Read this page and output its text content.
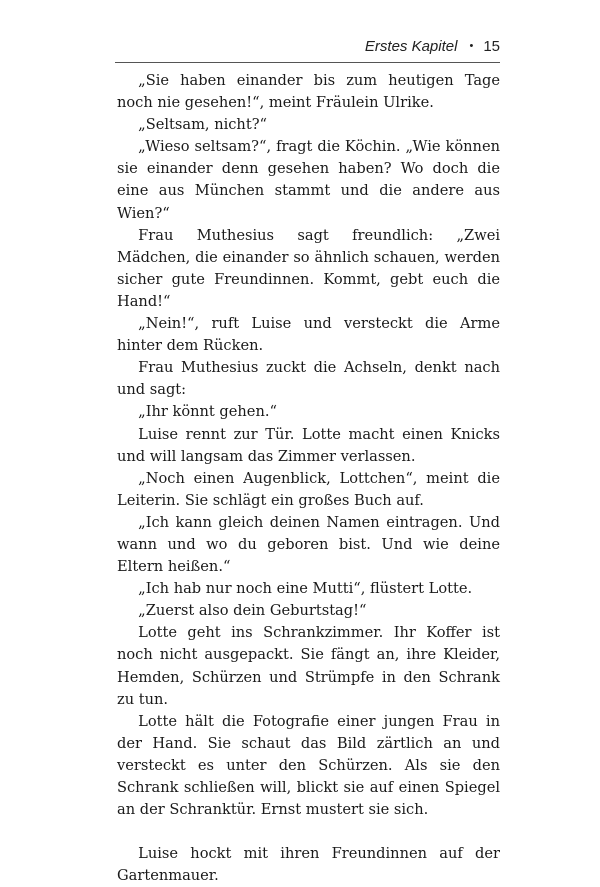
Erstes Kapitel • 15

„Sie haben einander bis zum heutigen Tage noch nie gesehen!“, meint Fräulein Ulrike.

„Seltsam, nicht?“

„Wieso seltsam?“, fragt die Köchin. „Wie können sie einander denn gesehen haben? Wo doch die eine aus München stammt und die andere aus Wien?“

Frau Muthesius sagt freundlich: „Zwei Mädchen, die einander so ähnlich schauen, werden sicher gute Freundinnen. Kommt, gebt euch die Hand!“

„Nein!“, ruft Luise und versteckt die Arme hinter dem Rücken.

Frau Muthesius zuckt die Achseln, denkt nach und sagt:

„Ihr könnt gehen.“

Luise rennt zur Tür. Lotte macht einen Knicks und will langsam das Zimmer verlassen.

„Noch einen Augenblick, Lottchen“, meint die Leiterin. Sie schlägt ein großes Buch auf.

„Ich kann gleich deinen Namen eintragen. Und wann und wo du geboren bist. Und wie deine Eltern heißen.“

„Ich hab nur noch eine Mutti“, flüstert Lotte.

„Zuerst also dein Geburtstag!“

Lotte geht ins Schrankzimmer. Ihr Koffer ist noch nicht ausgepackt. Sie fängt an, ihre Kleider, Hemden, Schürzen und Strümpfe in den Schrank zu tun.

Lotte hält die Fotografie einer jungen Frau in der Hand. Sie schaut das Bild zärtlich an und versteckt es unter den Schürzen. Als sie den Schrank schließen will, blickt sie auf einen Spiegel an der Schranktür. Ernst mustert sie sich.

Luise hockt mit ihren Freundinnen auf der Gartenmauer.
